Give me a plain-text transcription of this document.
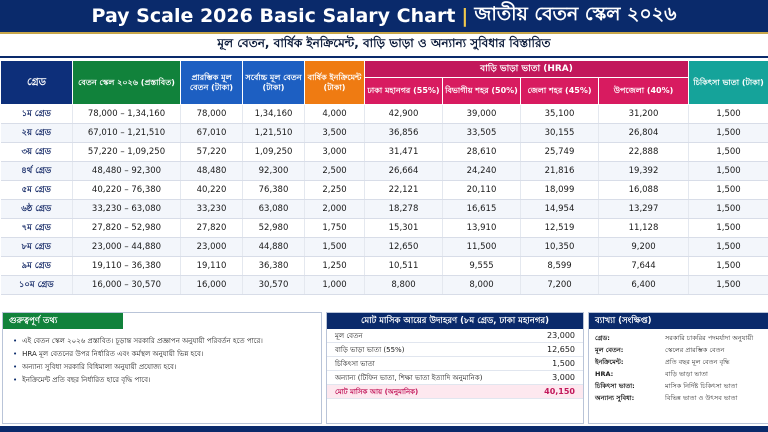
Pay Scale 2026 Basic Salary Chart | জাতীয় বেতন স্কেল ২০২৬
মূল বেতন, বার্ষিক ইনক্রিমেন্ট, বাড়ি ভাড়া ও অন্যান্য সুবিধার বিস্তারিত
গ্রেড	বেতন স্কেল ২০২৬ (প্রস্তাবিত)	প্রারম্ভিক মূল বেতন (টাকা)	সর্বোচ্চ মূল বেতন (টাকা)	বার্ষিক ইনক্রিমেন্ট (টাকা)	বাড়ি ভাড়া ভাতা (HRA)				চিকিৎসা ভাতা (টাকা)
					ঢাকা মহানগর (55%)	বিভাগীয় শহর (50%)	জেলা শহর (45%)	উপজেলা (40%)	
১ম গ্রেড	78,000 – 1,34,160	78,000	1,34,160	4,000	42,900	39,000	35,100	31,200	1,500
২য় গ্রেড	67,010 – 1,21,510	67,010	1,21,510	3,500	36,856	33,505	30,155	26,804	1,500
৩য় গ্রেড	57,220 – 1,09,250	57,220	1,09,250	3,000	31,471	28,610	25,749	22,888	1,500
৪র্থ গ্রেড	48,480 – 92,300	48,480	92,300	2,500	26,664	24,240	21,816	19,392	1,500
৫ম গ্রেড	40,220 – 76,380	40,220	76,380	2,250	22,121	20,110	18,099	16,088	1,500
৬ষ্ঠ গ্রেড	33,230 – 63,080	33,230	63,080	2,000	18,278	16,615	14,954	13,297	1,500
৭ম গ্রেড	27,820 – 52,980	27,820	52,980	1,750	15,301	13,910	12,519	11,128	1,500
৮ম গ্রেড	23,000 – 44,880	23,000	44,880	1,500	12,650	11,500	10,350	9,200	1,500
৯ম গ্রেড	19,110 – 36,380	19,110	36,380	1,250	10,511	9,555	8,599	7,644	1,500
১০ম গ্রেড	16,000 – 30,570	16,000	30,570	1,000	8,800	8,000	7,200	6,400	1,500
গুরুত্বপূর্ণ তথ্য
• এই বেতন স্কেল ২০২৬ প্রস্তাবিত। চূড়ান্ত সরকারি প্রজ্ঞাপন অনুযায়ী পরিবর্তন হতে পারে।
• HRA মূল বেতনের উপর নির্ধারিত এবং কর্মস্থল অনুযায়ী ভিন্ন হবে।
• অন্যান্য সুবিধা সরকারি বিধিমালা অনুযায়ী প্রযোজ্য হবে।
• ইনক্রিমেন্ট প্রতি বছর নির্ধারিত হারে বৃদ্ধি পাবে।
মোট মাসিক আয়ের উদাহরণ (৮ম গ্রেড, ঢাকা মহানগর)
মূল বেতন	23,000
বাড়ি ভাড়া ভাতা (55%)	12,650
চিকিৎসা ভাতা	1,500
অন্যান্য (টিফিন ভাতা, শিক্ষা ভাতা ইত্যাদি অনুমানিক)	3,000
মোট মাসিক আয় (অনুমানিক)	40,150
ব্যাখ্যা (সংক্ষিপ্ত)
গ্রেড:	সরকারি চাকরির পদমর্যাদা অনুযায়ী
মূল বেতন:	স্কেলের প্রারম্ভিক বেতন
ইনক্রিমেন্ট:	প্রতি বছর মূল বেতন বৃদ্ধি
HRA:	বাড়ি ভাড়া ভাতা
চিকিৎসা ভাতা:	মাসিক নির্দিষ্ট চিকিৎসা ভাতা
অন্যান্য সুবিধা:	বিভিন্ন ভাতা ও উৎসব ভাতা
